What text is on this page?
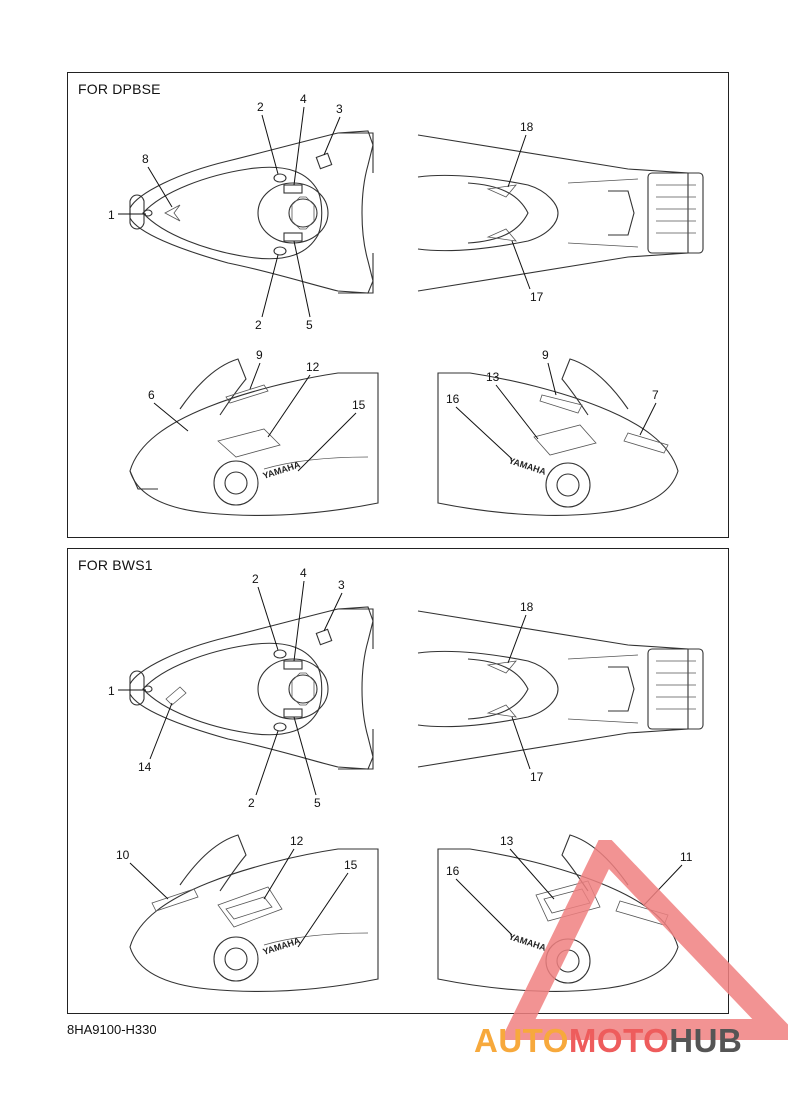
FOR DPBSE
1
2	3
4
8
2	5
18
17
YAMAHA
9
12
6
15
YAMAHA
13
9
16	7
FOR BWS1
2	4
3
1
14
2	5
18
17
YAMAHA
12
10
15
YAMAHA
13
11
16
8HA9100-H330	AUTOMOTOHUB
